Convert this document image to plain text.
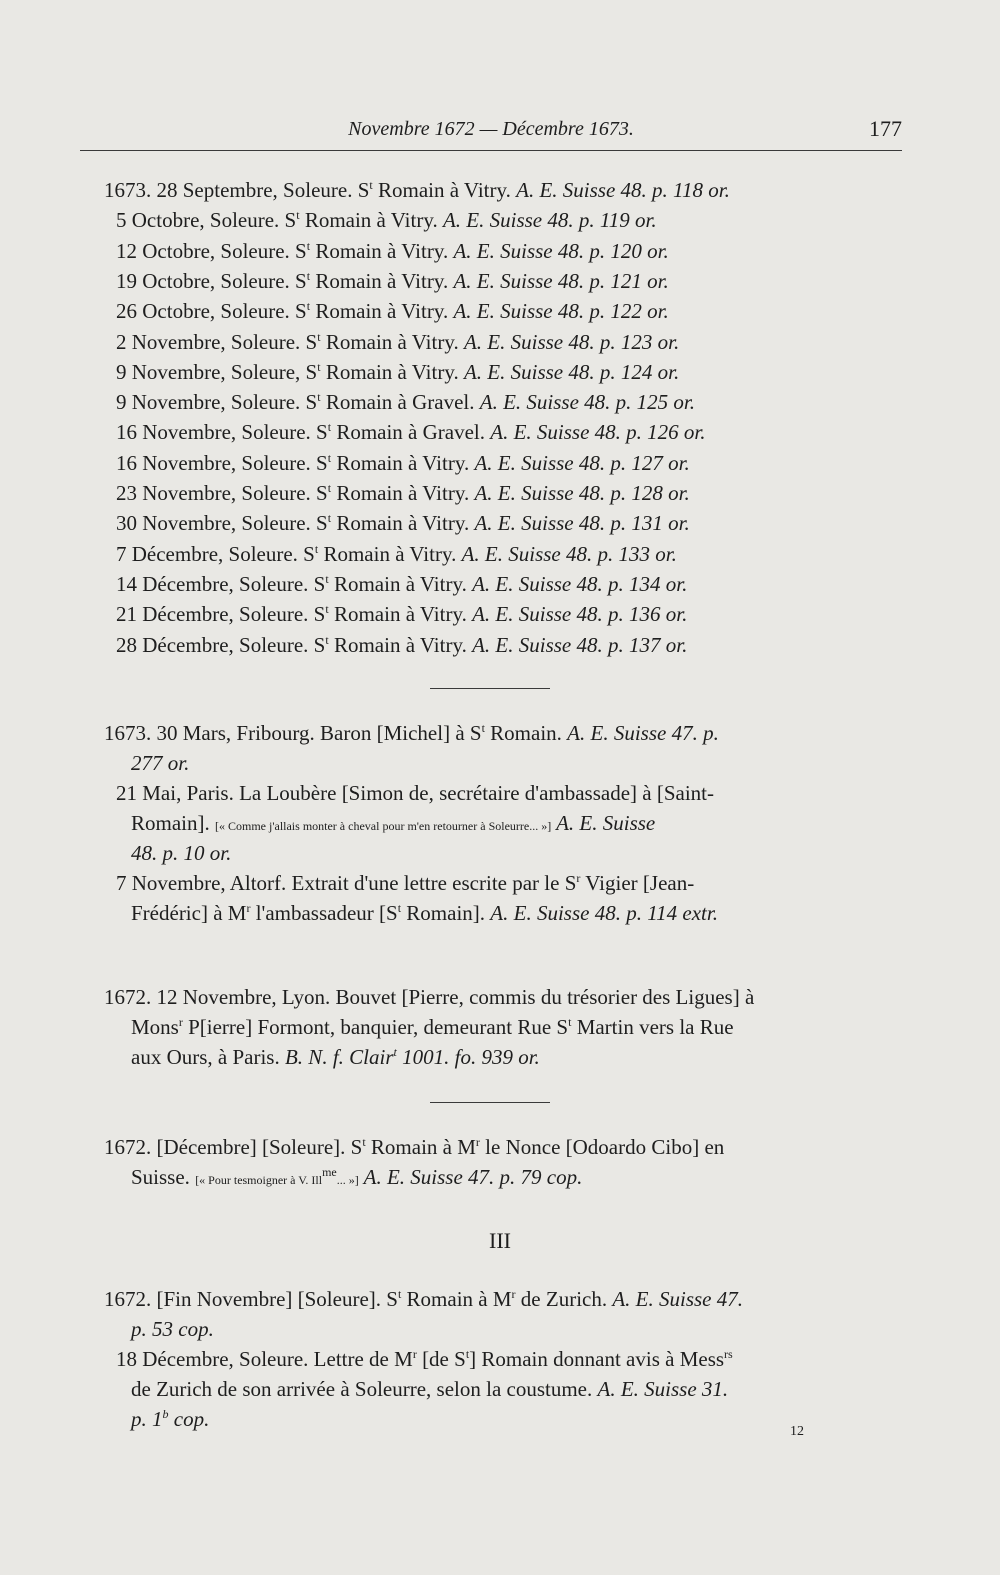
Novembre 1672 — Décembre 1673.	177
1673. 28 Septembre, Soleure. $S^t$ Romain à Vitry. A. E. Suisse 48. p. 118 or.
5 Octobre, Soleure. $S^t$ Romain à Vitry. A. E. Suisse 48. p. 119 or.
12 Octobre, Soleure. $S^t$ Romain à Vitry. A. E. Suisse 48. p. 120 or.
19 Octobre, Soleure. $S^t$ Romain à Vitry. A. E. Suisse 48. p. 121 or.
26 Octobre, Soleure. $S^t$ Romain à Vitry. A. E. Suisse 48. p. 122 or.
2 Novembre, Soleure. $S^t$ Romain à Vitry. A. E. Suisse 48. p. 123 or.
9 Novembre, Soleure, $S^t$ Romain à Vitry. A. E. Suisse 48. p. 124 or.
9 Novembre, Soleure. $S^t$ Romain à Gravel. A. E. Suisse 48. p. 125 or.
16 Novembre, Soleure. $S^t$ Romain à Gravel. A. E. Suisse 48. p. 126 or.
16 Novembre, Soleure. $S^t$ Romain à Vitry. A. E. Suisse 48. p. 127 or.
23 Novembre, Soleure. $S^t$ Romain à Vitry. A. E. Suisse 48. p. 128 or.
30 Novembre, Soleure. $S^t$ Romain à Vitry. A. E. Suisse 48. p. 131 or.
7 Décembre, Soleure. $S^t$ Romain à Vitry. A. E. Suisse 48. p. 133 or.
14 Décembre, Soleure. $S^t$ Romain à Vitry. A. E. Suisse 48. p. 134 or.
21 Décembre, Soleure. $S^t$ Romain à Vitry. A. E. Suisse 48. p. 136 or.
28 Décembre, Soleure. $S^t$ Romain à Vitry. A. E. Suisse 48. p. 137 or.
1673. 30 Mars, Fribourg. Baron [Michel] à $S^t$ Romain. A. E. Suisse 47. p.
277 or.
21 Mai, Paris. La Loubère [Simon de, secrétaire d'ambassade] à [Saint-
Romain]. [« Comme j'allais monter à cheval pour m'en retourner à Soleurre... »] A. E. Suisse
48. p. 10 or.
7 Novembre, Altorf. Extrait d'une lettre escrite par le $S^r$ Vigier [Jean-
Frédéric] à $M^r$ l'ambassadeur [$S^t$ Romain]. A. E. Suisse 48. p. 114 extr.
1672. 12 Novembre, Lyon. Bouvet [Pierre, commis du trésorier des Ligues] à
Mons$^r$ P[ierre] Formont, banquier, demeurant Rue $S^t$ Martin vers la Rue
aux Ours, à Paris. B. N. f. Clair$^t$ 1001. fo. 939 or.
1672. [Décembre] [Soleure]. $S^t$ Romain à $M^r$ le Nonce [Odoardo Cibo] en
Suisse. [« Pour tesmoigner à V. Ill$^{me}$... »] A. E. Suisse 47. p. 79 cop.
III
1672. [Fin Novembre] [Soleure]. $S^t$ Romain à $M^r$ de Zurich. A. E. Suisse 47.
p. 53 cop.
18 Décembre, Soleure. Lettre de $M^r$ [de $S^t$] Romain donnant avis à Mess$^{rs}$
de Zurich de son arrivée à Soleurre, selon la coustume. A. E. Suisse 31.
p. 1$^b$ cop.
12
